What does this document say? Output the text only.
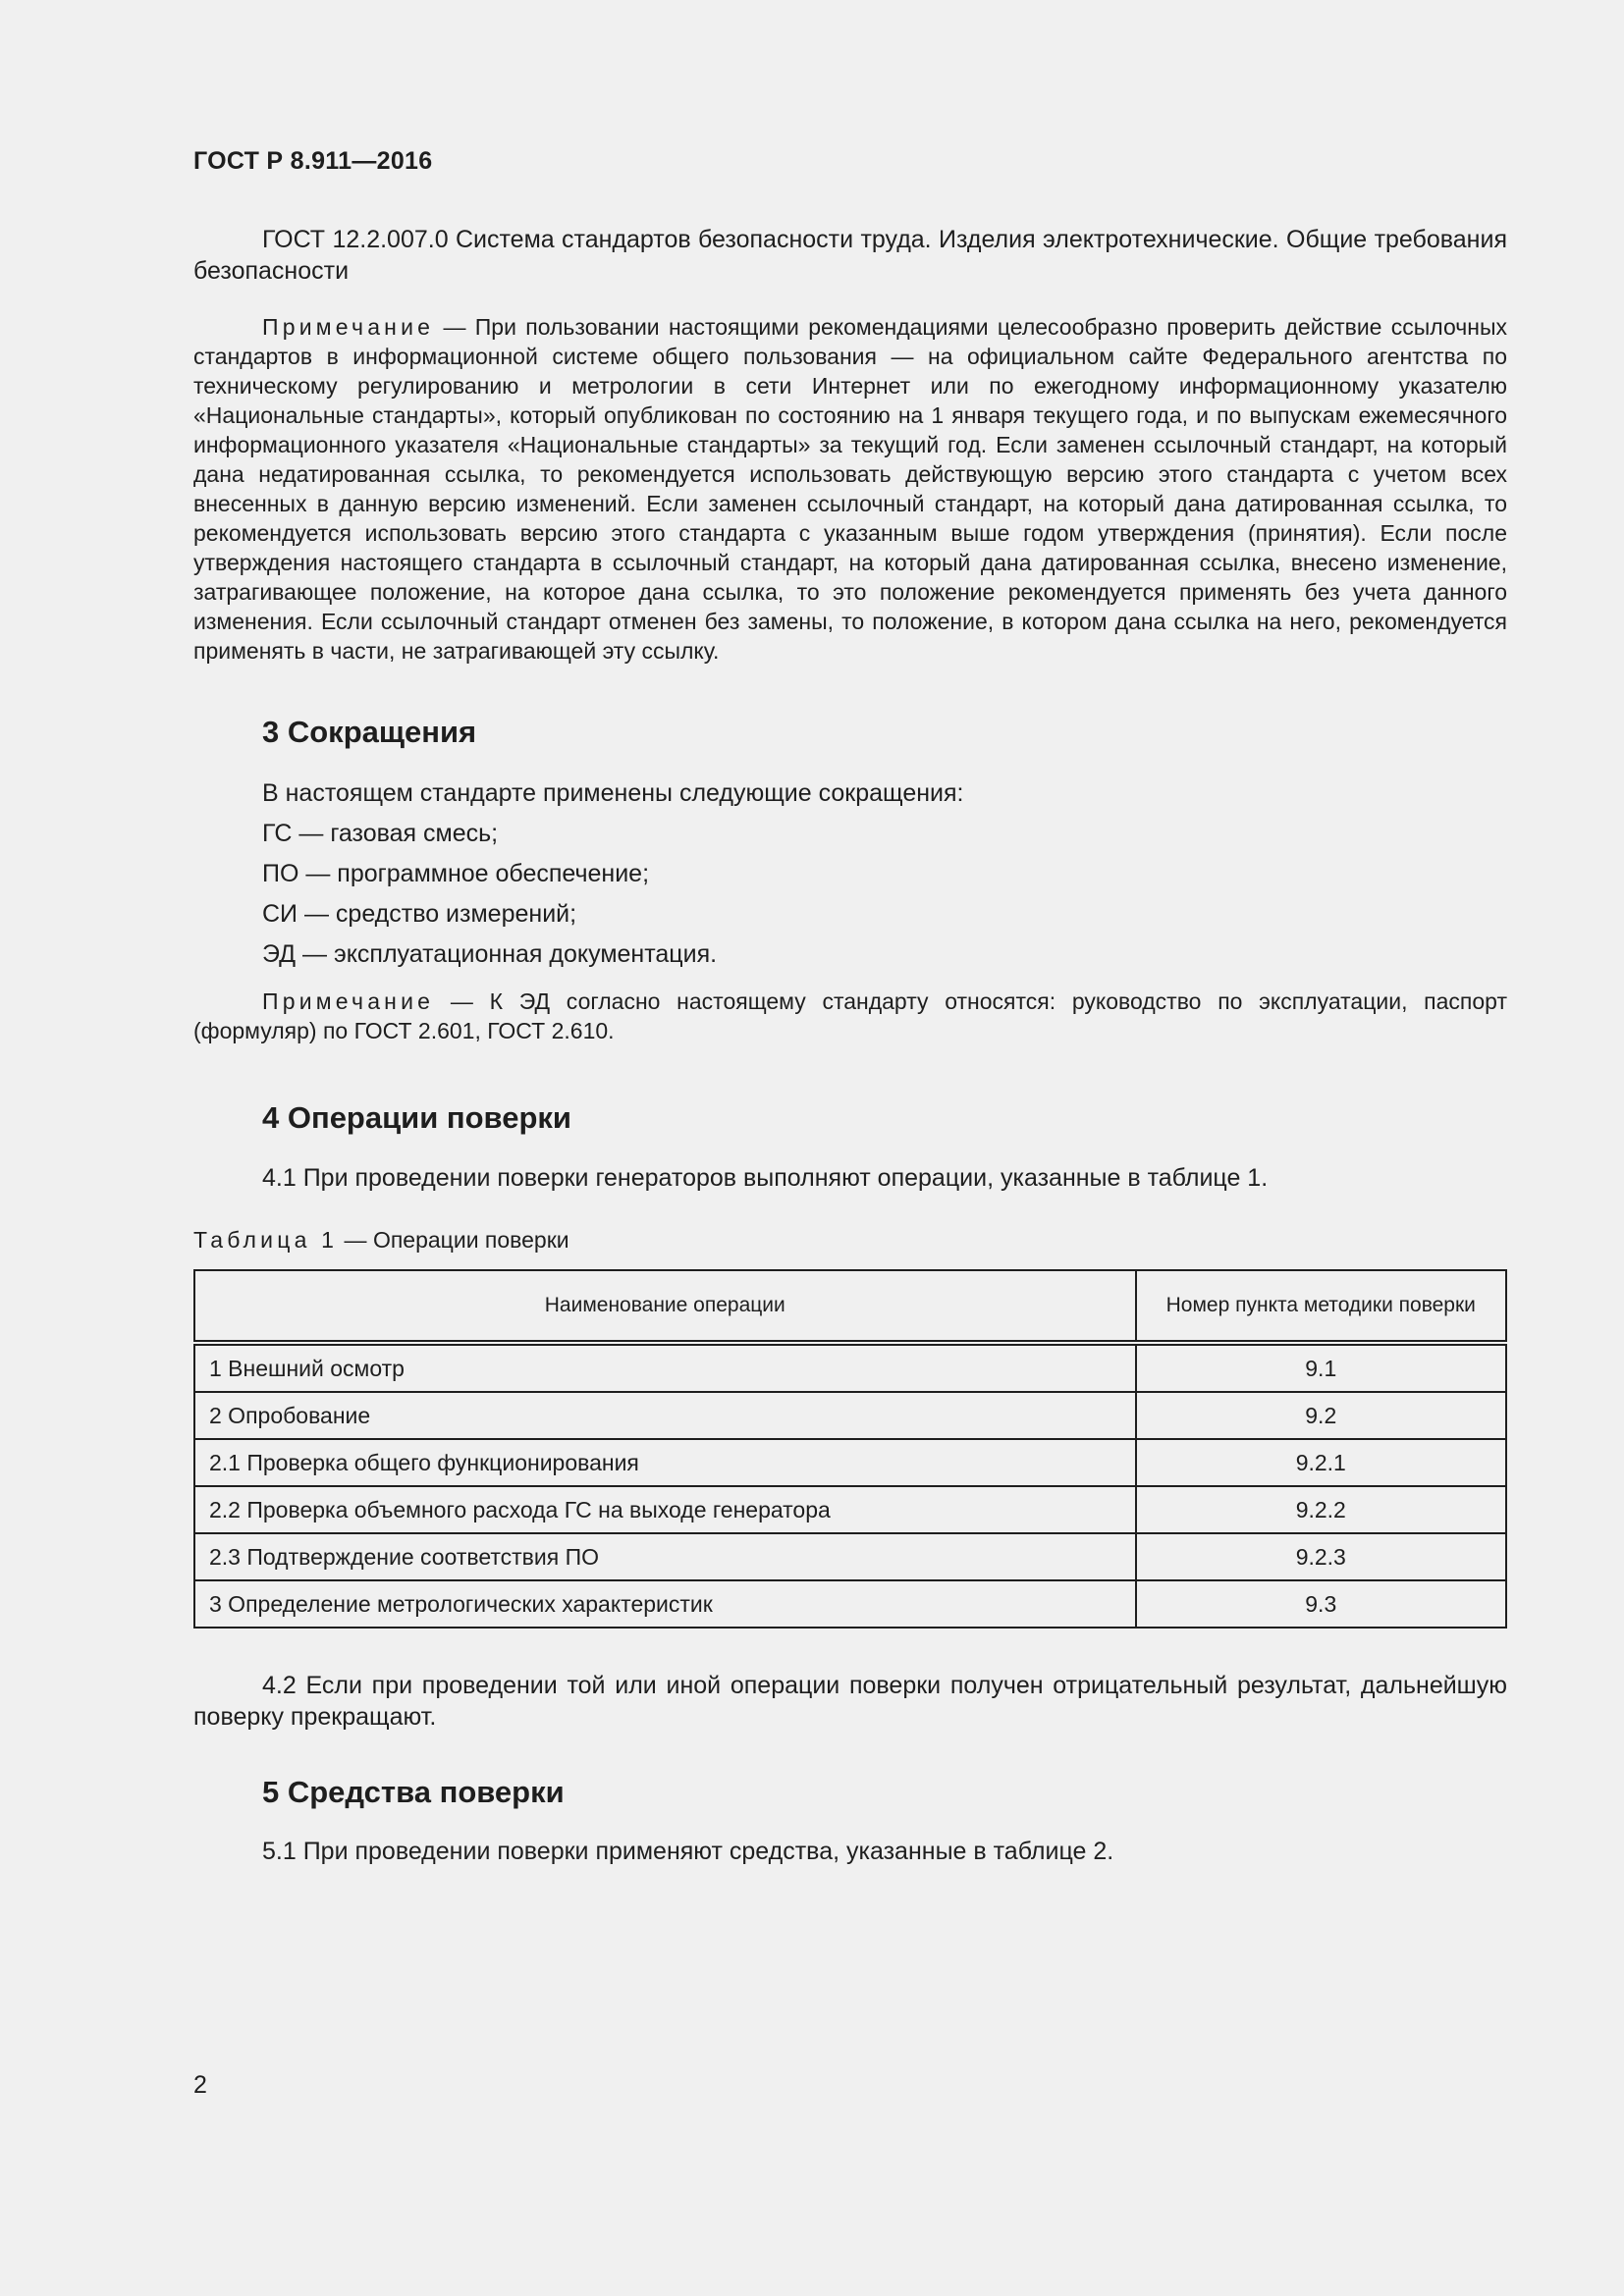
ГОСТ Р 8.911—2016
ГОСТ 12.2.007.0 Система стандартов безопасности труда. Изделия электротехнические. Общие требования безопасности
Примечание — При пользовании настоящими рекомендациями целесообразно проверить действие ссылочных стандартов в информационной системе общего пользования — на официальном сайте Федерального агентства по техническому регулированию и метрологии в сети Интернет или по ежегодному информационному указателю «Национальные стандарты», который опубликован по состоянию на 1 января текущего года, и по выпускам ежемесячного информационного указателя «Национальные стандарты» за текущий год. Если заменен ссылочный стандарт, на который дана недатированная ссылка, то рекомендуется использовать действующую версию этого стандарта с учетом всех внесенных в данную версию изменений. Если заменен ссылочный стандарт, на который дана датированная ссылка, то рекомендуется использовать версию этого стандарта с указанным выше годом утверждения (принятия). Если после утверждения настоящего стандарта в ссылочный стандарт, на который дана датированная ссылка, внесено изменение, затрагивающее положение, на которое дана ссылка, то это положение рекомендуется применять без учета данного изменения. Если ссылочный стандарт отменен без замены, то положение, в котором дана ссылка на него, рекомендуется применять в части, не затрагивающей эту ссылку.
3 Сокращения
В настоящем стандарте применены следующие сокращения:
ГС — газовая смесь;
ПО — программное обеспечение;
СИ — средство измерений;
ЭД — эксплуатационная документация.
Примечание — К ЭД согласно настоящему стандарту относятся: руководство по эксплуатации, паспорт (формуляр) по ГОСТ 2.601, ГОСТ 2.610.
4 Операции поверки
4.1 При проведении поверки генераторов выполняют операции, указанные в таблице 1.
Таблица 1 — Операции поверки
Наименование операции	Номер пункта методики поверки
1 Внешний осмотр	9.1
2 Опробование	9.2
2.1 Проверка общего функционирования	9.2.1
2.2 Проверка объемного расхода ГС на выходе генератора	9.2.2
2.3 Подтверждение соответствия ПО	9.2.3
3 Определение метрологических характеристик	9.3
4.2 Если при проведении той или иной операции поверки получен отрицательный результат, дальнейшую поверку прекращают.
5 Средства поверки
5.1 При проведении поверки применяют средства, указанные в таблице 2.
2
